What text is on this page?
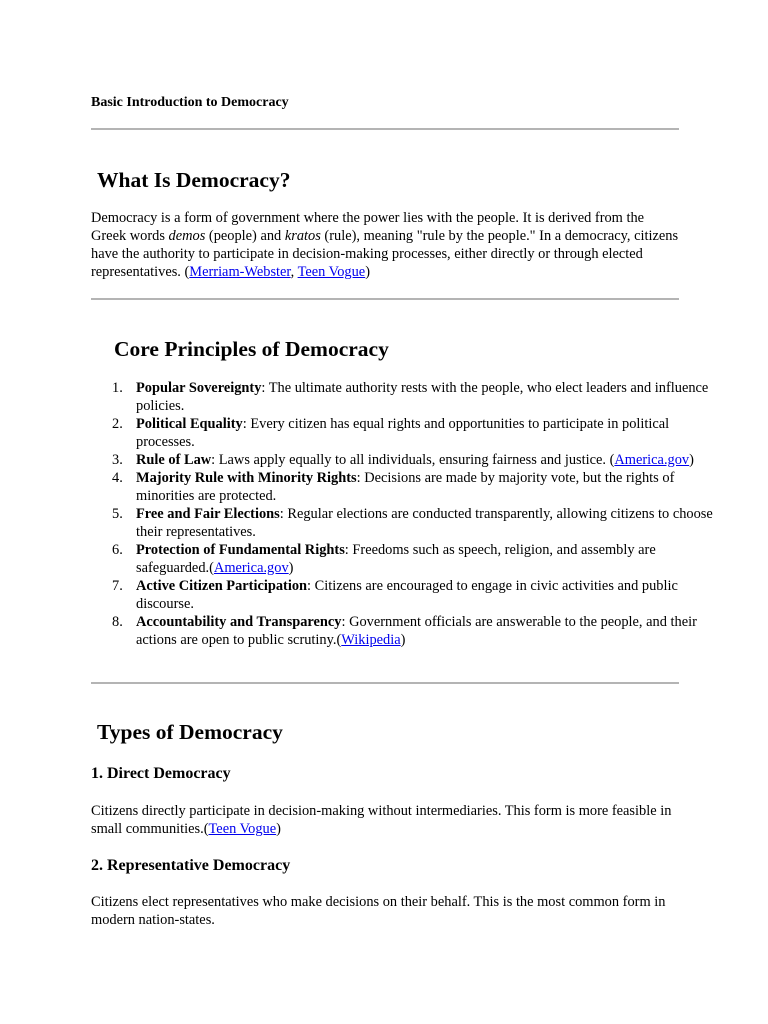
Basic Introduction to Democracy
What Is Democracy?

Democracy is a form of government where the power lies with the people. It is derived from the Greek words demos (people) and kratos (rule), meaning "rule by the people." In a democracy, citizens have the authority to participate in decision-making processes, either directly or through elected representatives. (Merriam-Webster, Teen Vogue)

Core Principles of Democracy
Popular Sovereignty: The ultimate authority rests with the people, who elect leaders and influence policies.
Political Equality: Every citizen has equal rights and opportunities to participate in political processes.
Rule of Law: Laws apply equally to all individuals, ensuring fairness and justice. (America.gov)
Majority Rule with Minority Rights: Decisions are made by majority vote, but the rights of minorities are protected.
Free and Fair Elections: Regular elections are conducted transparently, allowing citizens to choose their representatives.
Protection of Fundamental Rights: Freedoms such as speech, religion, and assembly are safeguarded.(America.gov)
Active Citizen Participation: Citizens are encouraged to engage in civic activities and public discourse.
Accountability and Transparency: Government officials are answerable to the people, and their actions are open to public scrutiny.(Wikipedia)
Types of Democracy
1. Direct Democracy

Citizens directly participate in decision-making without intermediaries. This form is more feasible in small communities.(Teen Vogue)

2. Representative Democracy

Citizens elect representatives who make decisions on their behalf. This is the most common form in modern nation-states.
